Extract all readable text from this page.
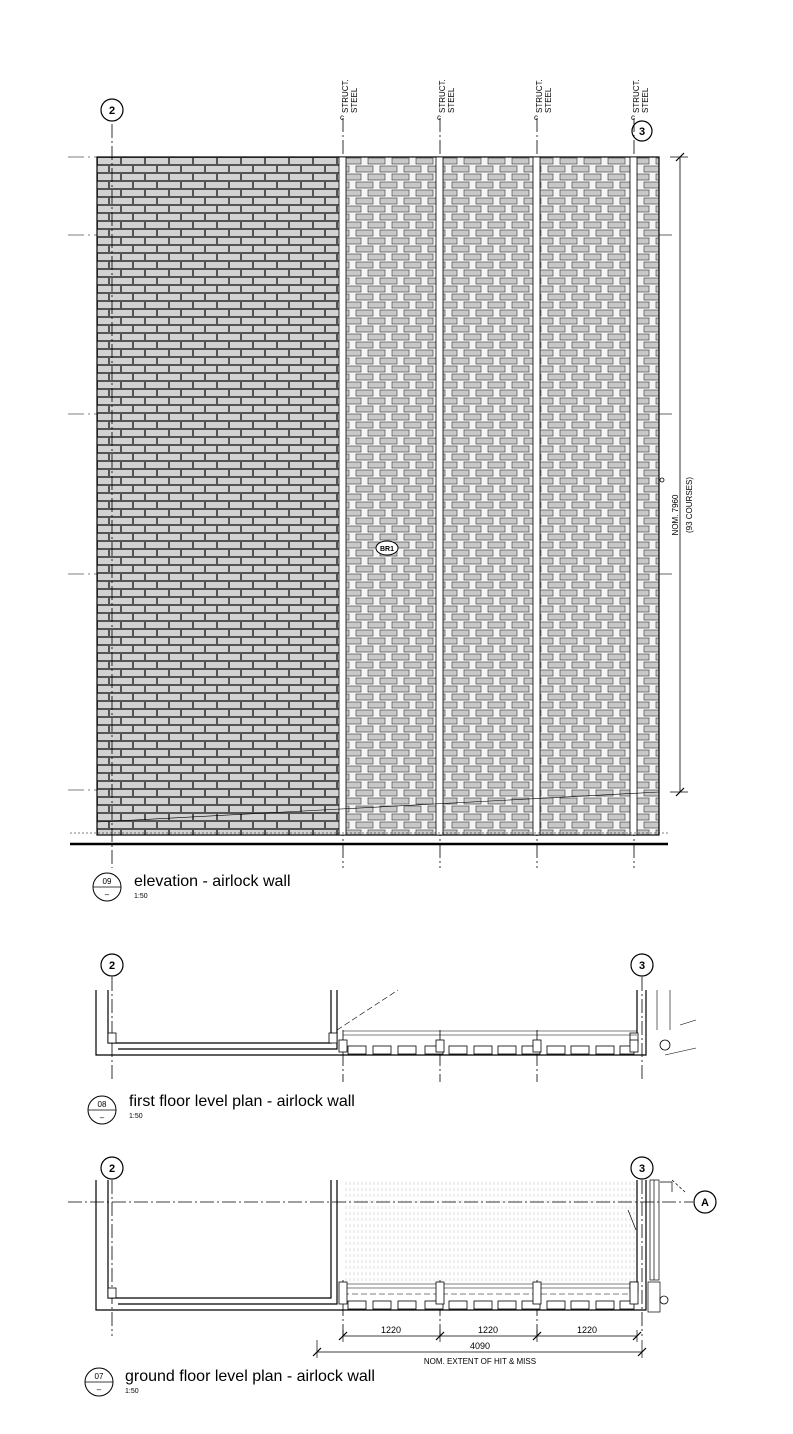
2
3
STRUCT. STEEL	STRUCT. STEEL	STRUCT. STEEL	STRUCT. STEEL
BR1
NOM. 7960 (93 COURSES)
09
–
elevation - airlock wall
1:50
2	3
08
–
first floor level plan - airlock wall
1:50
2	3
A
1220	1220	1220
4090
NOM. EXTENT OF HIT & MISS
07
–
ground floor level plan - airlock wall
1:50
c	c	c	c
